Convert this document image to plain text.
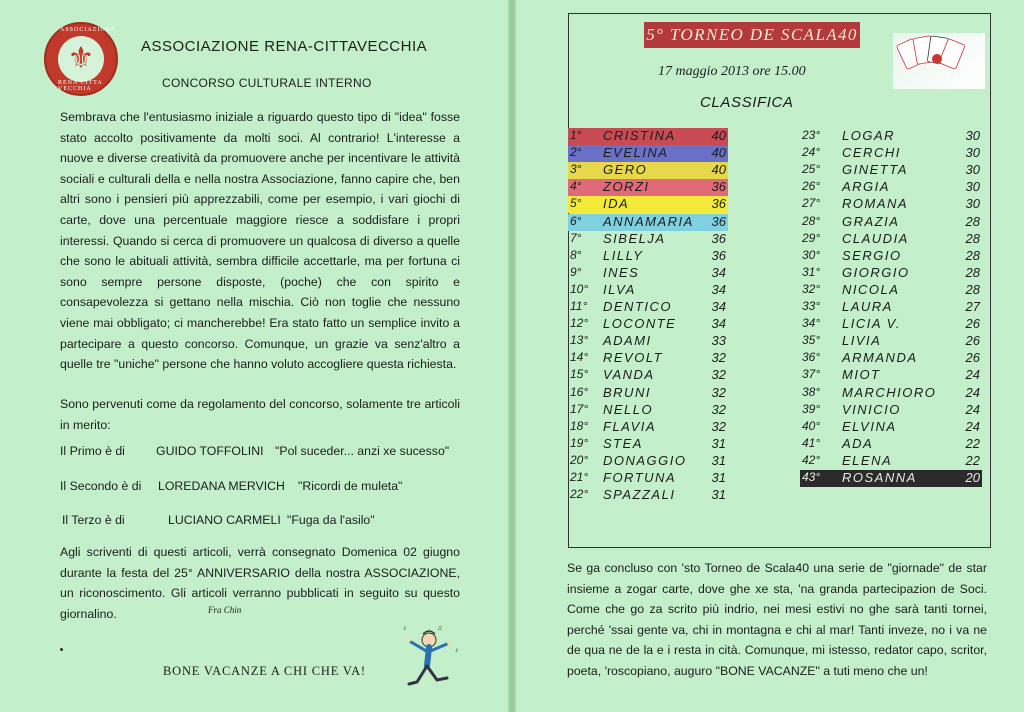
ASSOCIAZIONE
⚜
RENA CITTA VECCHIA
ASSOCIAZIONE RENA-CITTAVECCHIA
CONCORSO CULTURALE INTERNO
Sembrava che l'entusiasmo iniziale a riguardo questo tipo di "idea" fosse stato accolto positivamente da molti soci. Al contrario! L'interesse a nuove e diverse creatività da promuovere anche per incentivare le attività sociali e culturali della e nella nostra Associazione, fanno capire che, ben altri sono i pensieri più apprezzabili, come per esempio, i vari giochi di carte, dove una percentuale maggiore riesce a soddisfare i propri interessi. Quando si cerca di promuovere un qualcosa di diverso a quelle che sono le abituali attività, sembra difficile accettarle, ma per fortuna ci sono sempre persone disposte, (poche) che con spirito e consapevolezza si gettano nella mischia. Ciò non toglie che nessuno viene mai obbligato; ci mancherebbe! Era stato fatto un semplice invito a partecipare a questo concorso. Comunque, un grazie va senz'altro a quelle tre "uniche" persone che hanno voluto accogliere questa richiesta.
Sono pervenuti come da regolamento del concorso, solamente tre articoli in merito:
Il Primo è di	GUIDO TOFFOLINI "Pol suceder... anzi xe sucesso"
Il Secondo è di LOREDANA MERVICH "Ricordi de muleta"
Il Terzo è di	LUCIANO CARMELI "Fuga da l'asilo"
Agli scriventi di questi articoli, verrà consegnato Domenica 02 giugno durante la festa del 25° ANNIVERSARIO della nostra ASSOCIAZIONE, un riconoscimento. Gli articoli verranno pubblicati in seguito su questo giornalino.	Fra Chin
BONE VACANZE A CHI CHE VA!
♪	♫
♪
5° TORNEO DE SCALA40
17 maggio 2013 ore 15.00
CLASSIFICA
1° CRISTINA	40
2° EVELINA	40
3° GERO	40
4° ZORZI	36
5° IDA	36
6° ANNAMARIA 36
7° SIBELJA	36
8° LILLY	36
9° INES	34
10° ILVA	34
11° DENTICO	34
12° LOCONTE	34
13° ADAMI	33
14° REVOLT	32
15° VANDA	32
16° BRUNI	32
17° NELLO	32
18° FLAVIA	32
19° STEA	31
20° DONAGGIO 31
21° FORTUNA	31
22° SPAZZALI	31
23° LOGAR	30
24° CERCHI	30
25° GINETTA	30
26° ARGIA	30
27° ROMANA	30
28° GRAZIA	28
29° CLAUDIA	28
30° SERGIO	28
31° GIORGIO	28
32° NICOLA	28
33° LAURA	27
34° LICIA V.	26
35° LIVIA	26
36° ARMANDA	26
37° MIOT	24
38° MARCHIORO 24
39° VINICIO	24
40° ELVINA	24
41° ADA	22
42° ELENA	22
43° ROSANNA	20
Se ga concluso con 'sto Torneo de Scala40 una serie de "giornade" de star insieme a zogar carte, dove ghe xe sta, 'na granda partecipazion de Soci. Come che go za scrito più indrio, nei mesi estivi no ghe sarà tanti tornei, perché 'ssai gente va, chi in montagna e chi al mar! Tanti inveze, no i va ne de qua ne de la e i resta in cità. Comunque, mi istesso, redator capo, scritor, poeta, 'roscopiano, auguro "BONE VACANZE" a tuti meno che un!
